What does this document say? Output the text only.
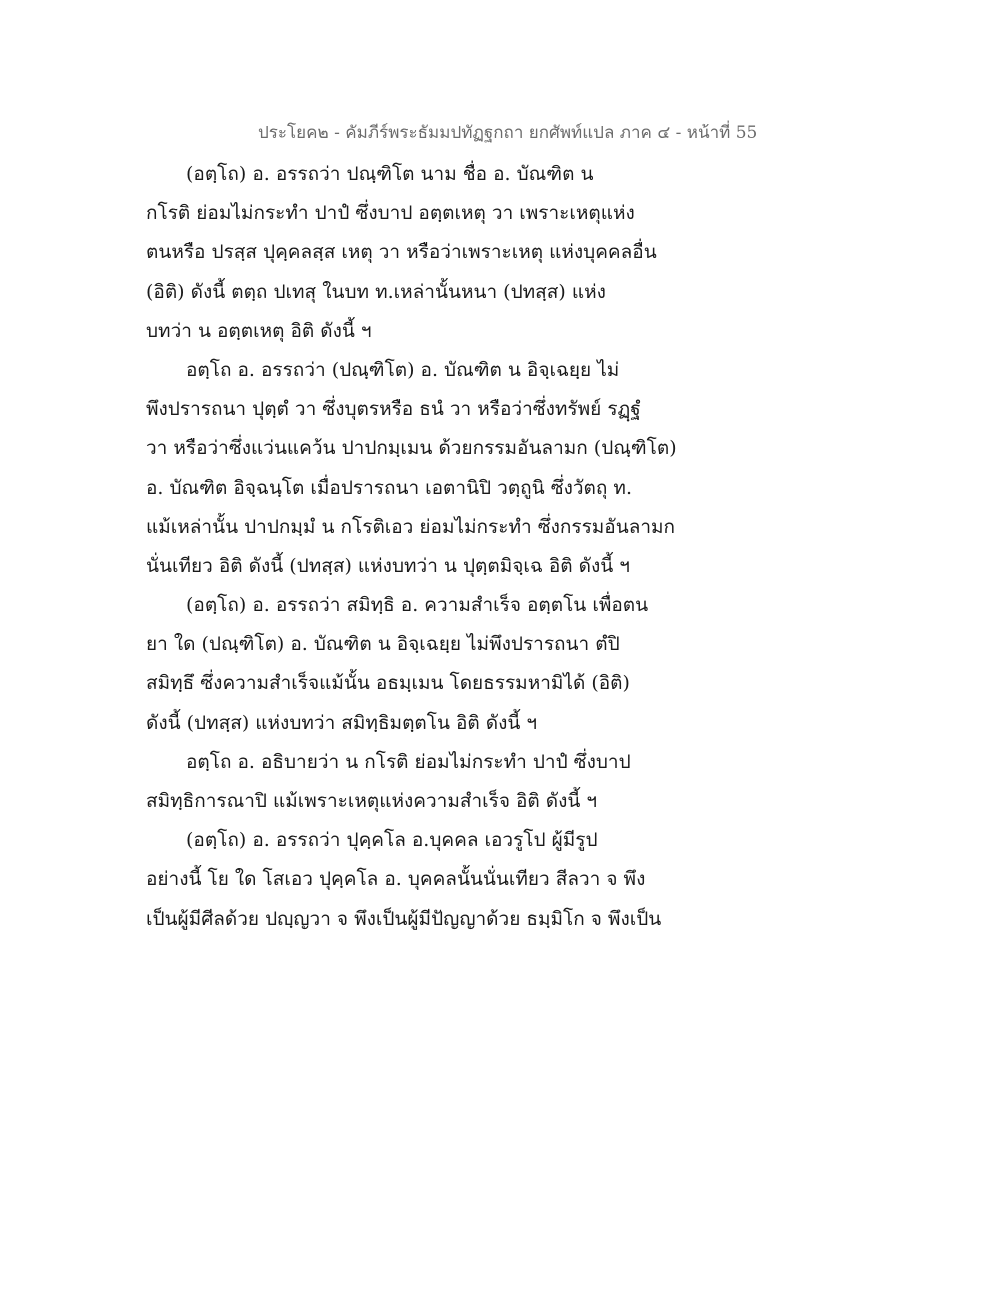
ประโยค๒ - คัมภีร์พระธัมมปทัฏฐกถา ยกศัพท์แปล ภาค ๔ - หน้าที่ 55
(อตฺโถ) อ. อรรถว่า ปณฺฑิโต นาม ชื่อ อ. บัณฑิต น
กโรติ ย่อมไม่กระทำ ปาปํ ซึ่งบาป อตฺตเหตุ วา เพราะเหตุแห่ง
ตนหรือ ปรสฺส ปุคฺคลสฺส เหตุ วา หรือว่าเพราะเหตุ แห่งบุคคลอื่น
(อิติ) ดังนี้ ตตฺถ ปเทสุ ในบท ท.เหล่านั้นหนา (ปทสฺส) แห่ง
บทว่า น อตฺตเหตุ อิติ ดังนี้ ฯ
อตฺโถ อ. อรรถว่า (ปณฺฑิโต) อ. บัณฑิต น อิจฺเฉยฺย ไม่
พึงปรารถนา ปุตฺตํ วา ซึ่งบุตรหรือ ธนํ วา หรือว่าซึ่งทรัพย์ รฏฺฐํ
วา หรือว่าซึ่งแว่นแคว้น ปาปกมฺเมน ด้วยกรรมอันลามก (ปณฺฑิโต)
อ. บัณฑิต อิจฺฉนฺโต เมื่อปรารถนา เอตานิปิ วตฺถูนิ ซึ่งวัตถุ ท.
แม้เหล่านั้น ปาปกมฺมํ น กโรติเอว ย่อมไม่กระทำ ซึ่งกรรมอันลามก
นั่นเทียว อิติ ดังนี้ (ปทสฺส) แห่งบทว่า น ปุตฺตมิจฺเฉ อิติ ดังนี้ ฯ
(อตฺโถ) อ. อรรถว่า สมิทฺธิ อ. ความสำเร็จ อตฺตโน เพื่อตน
ยา ใด (ปณฺฑิโต) อ. บัณฑิต น อิจฺเฉยฺย ไม่พึงปรารถนา ตํปิ
สมิทฺธึ ซึ่งความสำเร็จแม้นั้น อธมฺเมน โดยธรรมหามิได้ (อิติ)
ดังนี้ (ปทสฺส) แห่งบทว่า สมิทฺธิมตฺตโน อิติ ดังนี้ ฯ
อตฺโถ อ. อธิบายว่า น กโรติ ย่อมไม่กระทำ ปาปํ ซึ่งบาป
สมิทฺธิการณาปิ แม้เพราะเหตุแห่งความสำเร็จ อิติ ดังนี้ ฯ
(อตฺโถ) อ. อรรถว่า ปุคฺคโล อ.บุคคล เอวรูโป ผู้มีรูป
อย่างนี้ โย ใด โสเอว ปุคฺคโล อ. บุคคลนั้นนั่นเทียว สีลวา จ พึง
เป็นผู้มีศีลด้วย ปญฺญวา จ พึงเป็นผู้มีปัญญาด้วย ธมฺมิโก จ พึงเป็น
